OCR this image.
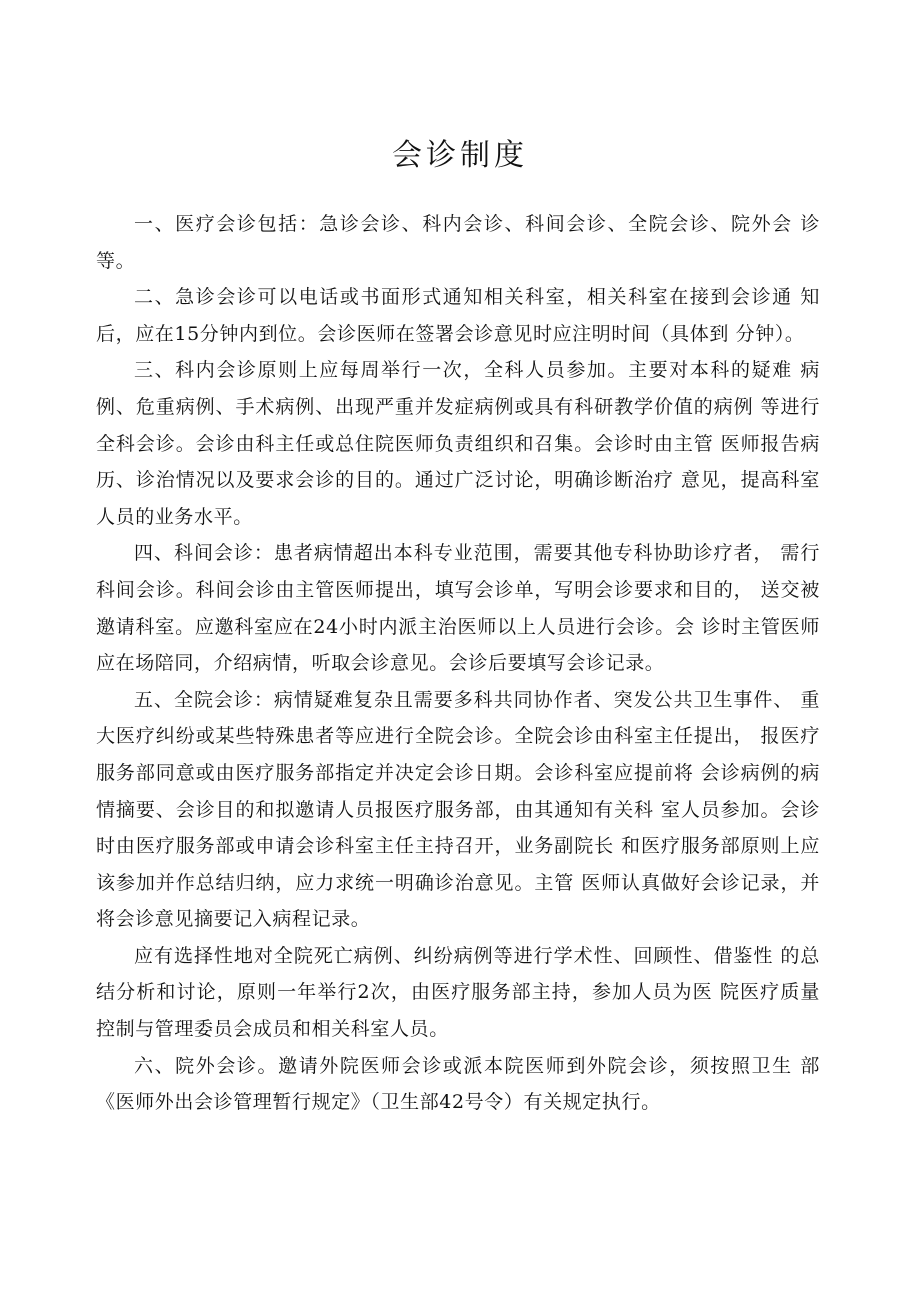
会诊制度

一、医疗会诊包括：急诊会诊、科内会诊、科间会诊、全院会诊、院外会 诊等。

二、急诊会诊可以电话或书面形式通知相关科室，相关科室在接到会诊通 知后，应在15分钟内到位。会诊医师在签署会诊意见时应注明时间（具体到 分钟）。

三、科内会诊原则上应每周举行一次，全科人员参加。主要对本科的疑难 病例、危重病例、手术病例、出现严重并发症病例或具有科研教学价值的病例 等进行全科会诊。会诊由科主任或总住院医师负责组织和召集。会诊时由主管 医师报告病历、诊治情况以及要求会诊的目的。通过广泛讨论，明确诊断治疗 意见，提高科室人员的业务水平。

四、科间会诊：患者病情超出本科专业范围，需要其他专科协助诊疗者， 需行科间会诊。科间会诊由主管医师提出，填写会诊单，写明会诊要求和目的， 送交被邀请科室。应邀科室应在24小时内派主治医师以上人员进行会诊。会 诊时主管医师应在场陪同，介绍病情，听取会诊意见。会诊后要填写会诊记录。

五、全院会诊：病情疑难复杂且需要多科共同协作者、突发公共卫生事件、 重大医疗纠纷或某些特殊患者等应进行全院会诊。全院会诊由科室主任提出， 报医疗服务部同意或由医疗服务部指定并决定会诊日期。会诊科室应提前将 会诊病例的病情摘要、会诊目的和拟邀请人员报医疗服务部，由其通知有关科 室人员参加。会诊时由医疗服务部或申请会诊科室主任主持召开，业务副院长 和医疗服务部原则上应该参加并作总结归纳，应力求统一明确诊治意见。主管 医师认真做好会诊记录，并将会诊意见摘要记入病程记录。

应有选择性地对全院死亡病例、纠纷病例等进行学术性、回顾性、借鉴性 的总结分析和讨论，原则一年举行2次，由医疗服务部主持，参加人员为医 院医疗质量控制与管理委员会成员和相关科室人员。

六、院外会诊。邀请外院医师会诊或派本院医师到外院会诊，须按照卫生 部《医师外出会诊管理暂行规定》（卫生部42号令）有关规定执行。
